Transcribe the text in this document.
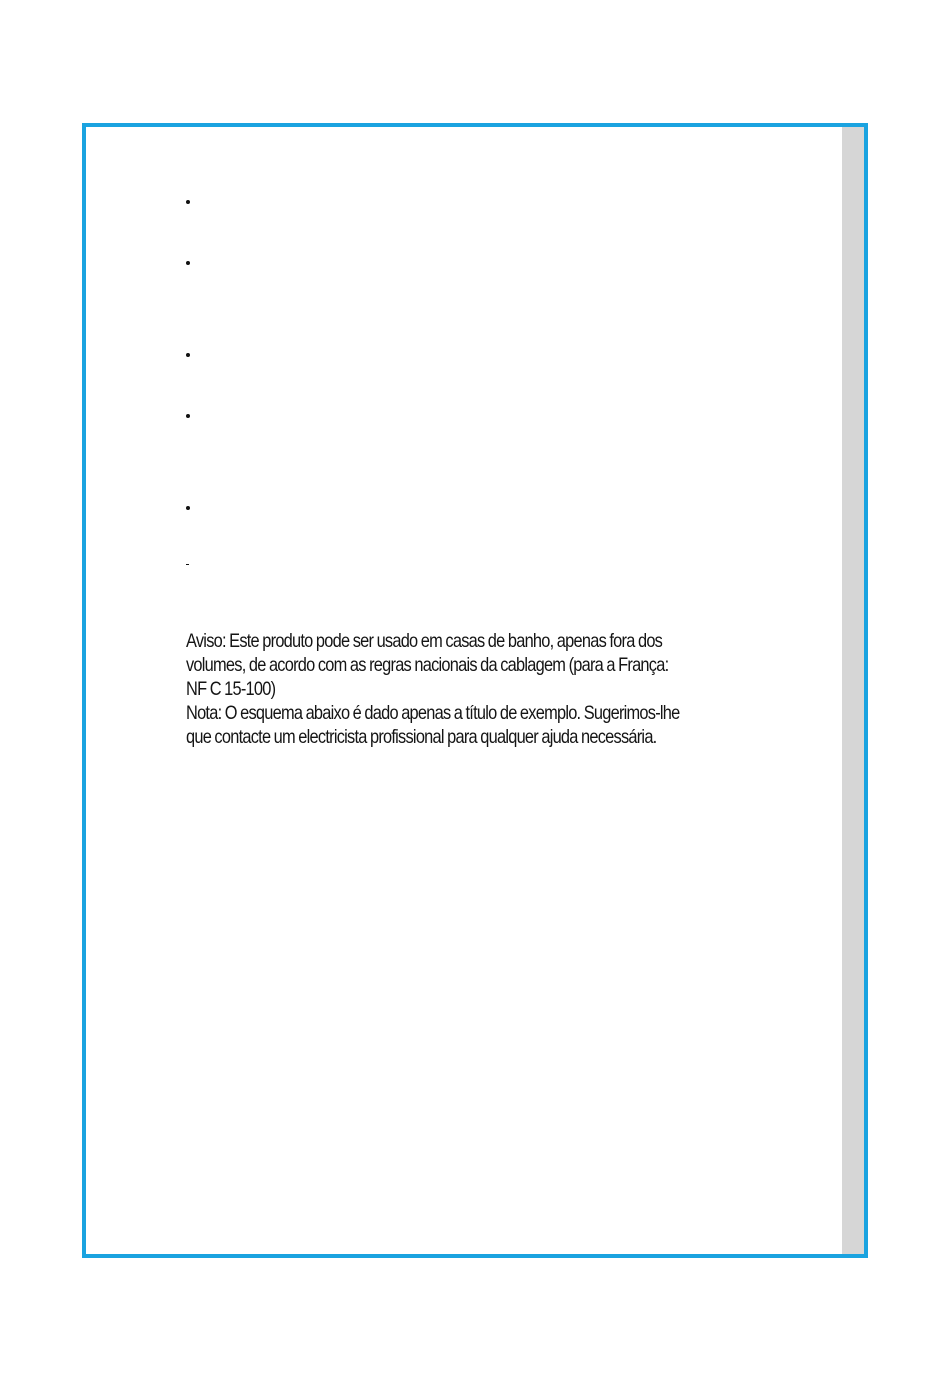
Aviso: Este produto pode ser usado em casas de banho, apenas fora dos
volumes, de acordo com as regras nacionais da cablagem (para a França:
NF C 15-100)

Nota: O esquema abaixo é dado apenas a título de exemplo. Sugerimos-lhe
que contacte um electricista profissional para qualquer ajuda necessária.
